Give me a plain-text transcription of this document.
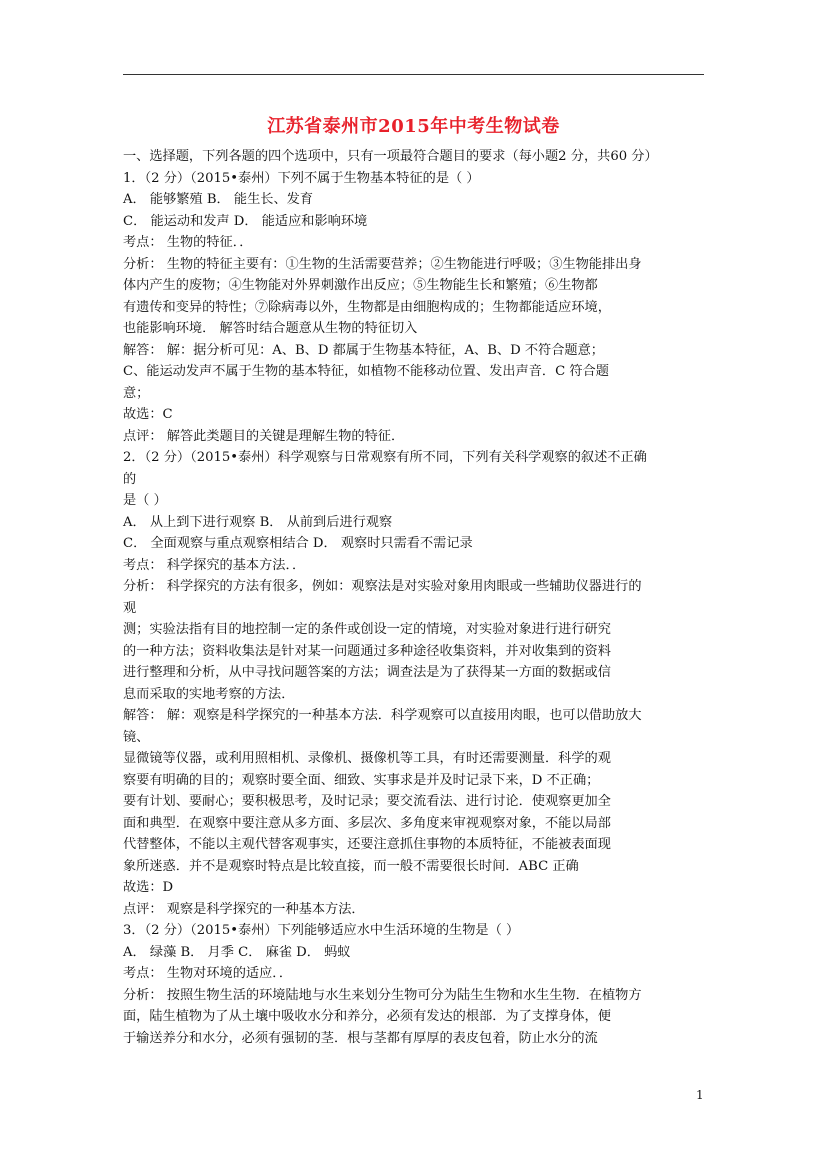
江苏省泰州市2015年中考生物试卷
一、选择题，下列各题的四个选项中，只有一项最符合题目的要求（每小题2 分，共60 分）
1．（2 分）（2015•泰州）下列不属于生物基本特征的是（ ）
A． 能够繁殖 B． 能生长、发育
C． 能运动和发声 D． 能适应和影响环境
考点： 生物的特征．．
分析： 生物的特征主要有：①生物的生活需要营养；②生物能进行呼吸；③生物能排出身
体内产生的废物；④生物能对外界刺激作出反应；⑤生物能生长和繁殖；⑥生物都
有遗传和变异的特性；⑦除病毒以外，生物都是由细胞构成的；生物都能适应环境，
也能影响环境． 解答时结合题意从生物的特征切入
解答： 解：据分析可见：A、B、D 都属于生物基本特征，A、B、D 不符合题意；
C、能运动发声不属于生物的基本特征，如植物不能移动位置、发出声音．C 符合题
意；
故选：C
点评： 解答此类题目的关键是理解生物的特征．
2．（2 分）（2015•泰州）科学观察与日常观察有所不同，下列有关科学观察的叙述不正确
的
是（ ）
A． 从上到下进行观察 B． 从前到后进行观察
C． 全面观察与重点观察相结合 D． 观察时只需看不需记录
考点： 科学探究的基本方法．．
分析： 科学探究的方法有很多，例如：观察法是对实验对象用肉眼或一些辅助仪器进行的
观
测；实验法指有目的地控制一定的条件或创设一定的情境，对实验对象进行进行研究
的一种方法；资料收集法是针对某一问题通过多种途径收集资料，并对收集到的资料
进行整理和分析，从中寻找问题答案的方法；调查法是为了获得某一方面的数据或信
息而采取的实地考察的方法．
解答： 解：观察是科学探究的一种基本方法．科学观察可以直接用肉眼，也可以借助放大
镜、
显微镜等仪器，或利用照相机、录像机、摄像机等工具，有时还需要测量．科学的观
察要有明确的目的；观察时要全面、细致、实事求是并及时记录下来，D 不正确；
要有计划、要耐心；要积极思考，及时记录；要交流看法、进行讨论．使观察更加全
面和典型．在观察中要注意从多方面、多层次、多角度来审视观察对象，不能以局部
代替整体，不能以主观代替客观事实，还要注意抓住事物的本质特征，不能被表面现
象所迷惑．并不是观察时特点是比较直接，而一般不需要很长时间．ABC 正确
故选：D
点评： 观察是科学探究的一种基本方法．
3．（2 分）（2015•泰州）下列能够适应水中生活环境的生物是（ ）
A． 绿藻 B． 月季 C． 麻雀 D． 蚂蚁
考点： 生物对环境的适应．．
分析： 按照生物生活的环境陆地与水生来划分生物可分为陆生生物和水生生物．在植物方
面，陆生植物为了从土壤中吸收水分和养分，必须有发达的根部．为了支撑身体，便
于输送养分和水分，必须有强韧的茎．根与茎都有厚厚的表皮包着，防止水分的流
1
